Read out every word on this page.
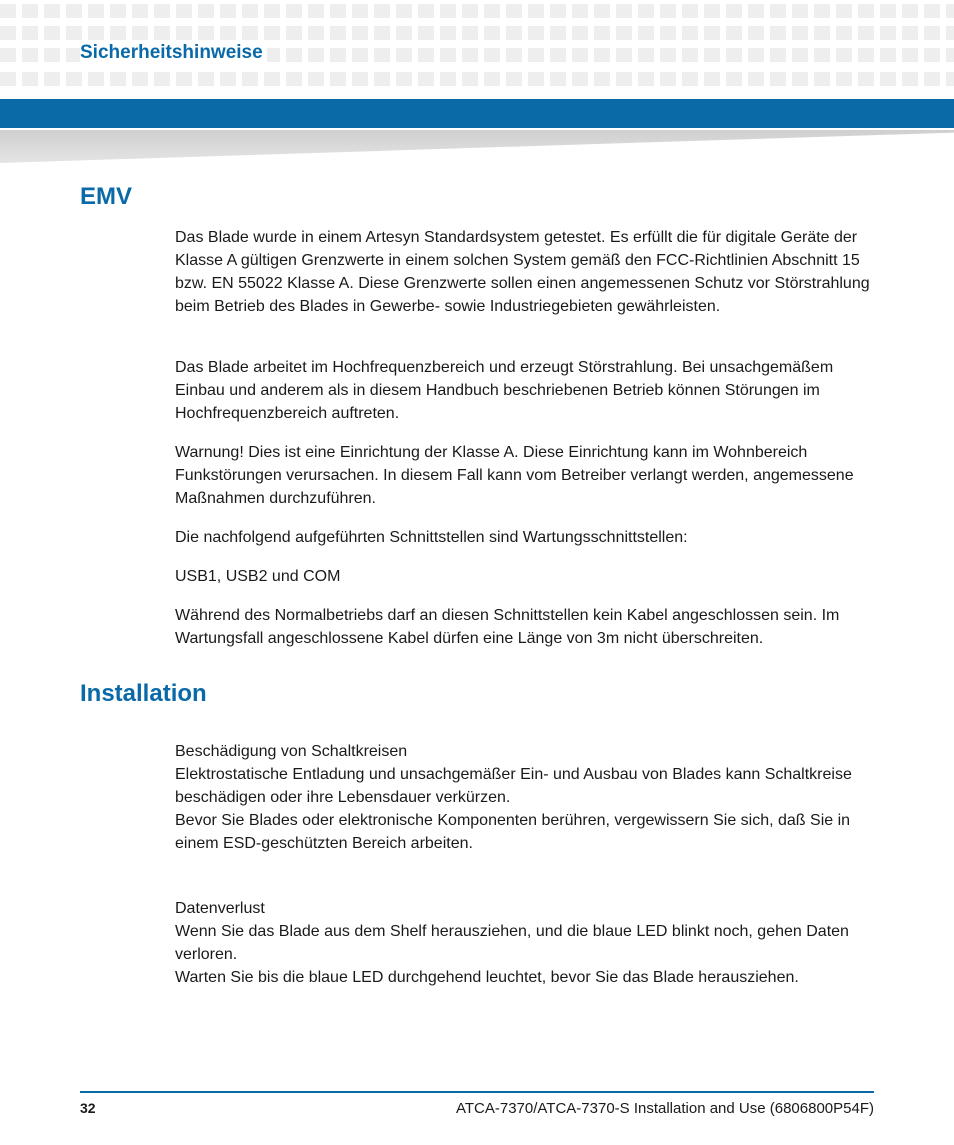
Sicherheitshinweise
EMV

Das Blade wurde in einem Artesyn Standardsystem getestet. Es erfüllt die für digitale Geräte der Klasse A gültigen Grenzwerte in einem solchen System gemäß den FCC-Richtlinien Abschnitt 15 bzw. EN 55022 Klasse A. Diese Grenzwerte sollen einen angemessenen Schutz vor Störstrahlung beim Betrieb des Blades in Gewerbe- sowie Industriegebieten gewährleisten.

Das Blade arbeitet im Hochfrequenzbereich und erzeugt Störstrahlung. Bei unsachgemäßem Einbau und anderem als in diesem Handbuch beschriebenen Betrieb können Störungen im Hochfrequenzbereich auftreten.

Warnung! Dies ist eine Einrichtung der Klasse A. Diese Einrichtung kann im Wohnbereich Funkstörungen verursachen. In diesem Fall kann vom Betreiber verlangt werden, angemessene Maßnahmen durchzuführen.

Die nachfolgend aufgeführten Schnittstellen sind Wartungsschnittstellen:

USB1, USB2 und COM

Während des Normalbetriebs darf an diesen Schnittstellen kein Kabel angeschlossen sein. Im Wartungsfall angeschlossene Kabel dürfen eine Länge von 3m nicht überschreiten.

Installation
Beschädigung von Schaltkreisen
Elektrostatische Entladung und unsachgemäßer Ein- und Ausbau von Blades kann Schaltkreise beschädigen oder ihre Lebensdauer verkürzen.
Bevor Sie Blades oder elektronische Komponenten berühren, vergewissern Sie sich, daß Sie in einem ESD-geschützten Bereich arbeiten.
Datenverlust
Wenn Sie das Blade aus dem Shelf herausziehen, und die blaue LED blinkt noch, gehen Daten verloren.
Warten Sie bis die blaue LED durchgehend leuchtet, bevor Sie das Blade herausziehen.
32	ATCA-7370/ATCA-7370-S Installation and Use (6806800P54F)
